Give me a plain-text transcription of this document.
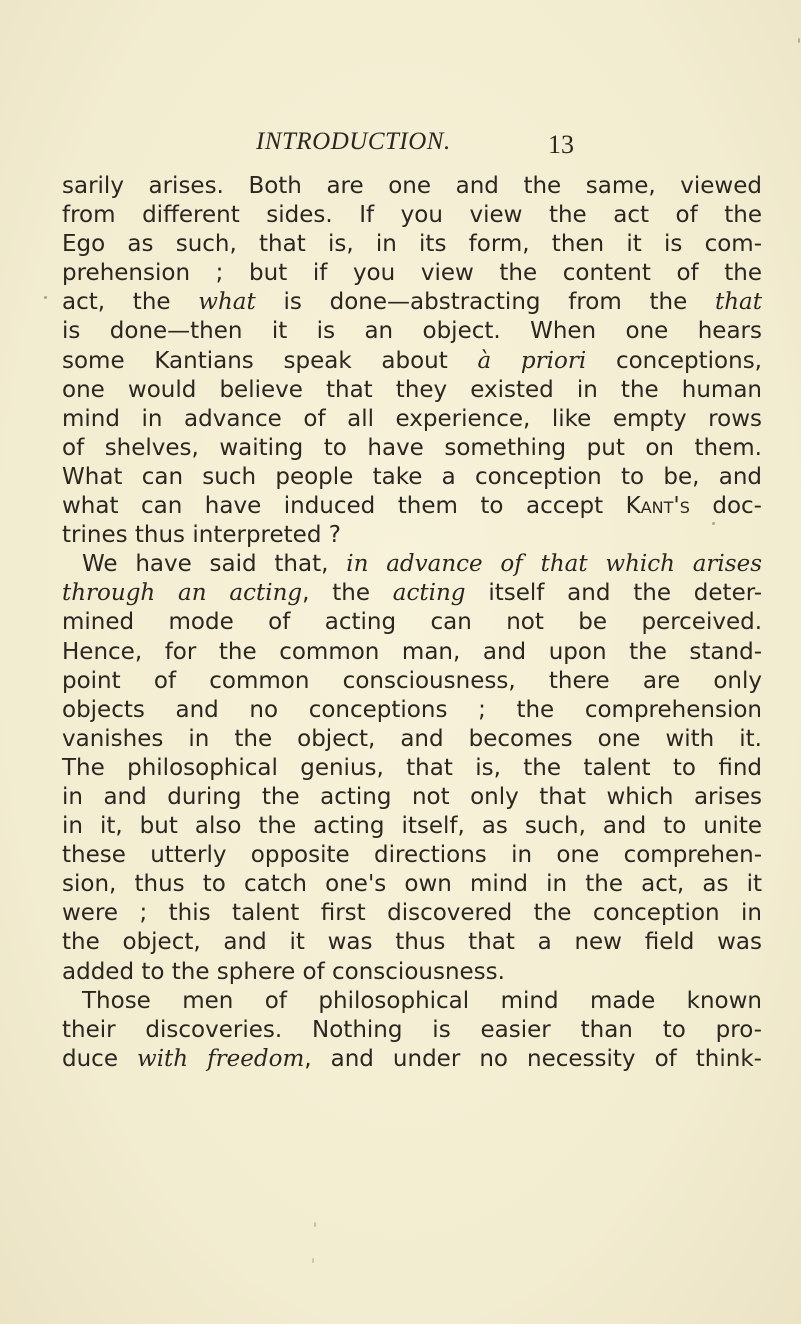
INTRODUCTION.	13
sarily arises. Both are one and the same, viewed
from different sides. If you view the act of the
Ego as such, that is, in its form, then it is com-
prehension ; but if you view the content of the
act, the what is done—abstracting from the that
is done—then it is an object. When one hears
some Kantians speak about à priori conceptions,
one would believe that they existed in the human
mind in advance of all experience, like empty rows
of shelves, waiting to have something put on them.
What can such people take a conception to be, and
what can have induced them to accept Kant's doc-
trines thus interpreted ?
We have said that, in advance of that which arises
through an acting, the acting itself and the deter-
mined mode of acting can not be perceived.
Hence, for the common man, and upon the stand-
point of common consciousness, there are only
objects and no conceptions ; the comprehension
vanishes in the object, and becomes one with it.
The philosophical genius, that is, the talent to find
in and during the acting not only that which arises
in it, but also the acting itself, as such, and to unite
these utterly opposite directions in one comprehen-
sion, thus to catch one's own mind in the act, as it
were ; this talent first discovered the conception in
the object, and it was thus that a new field was
added to the sphere of consciousness.
Those men of philosophical mind made known
their discoveries. Nothing is easier than to pro-
duce with freedom, and under no necessity of think-
